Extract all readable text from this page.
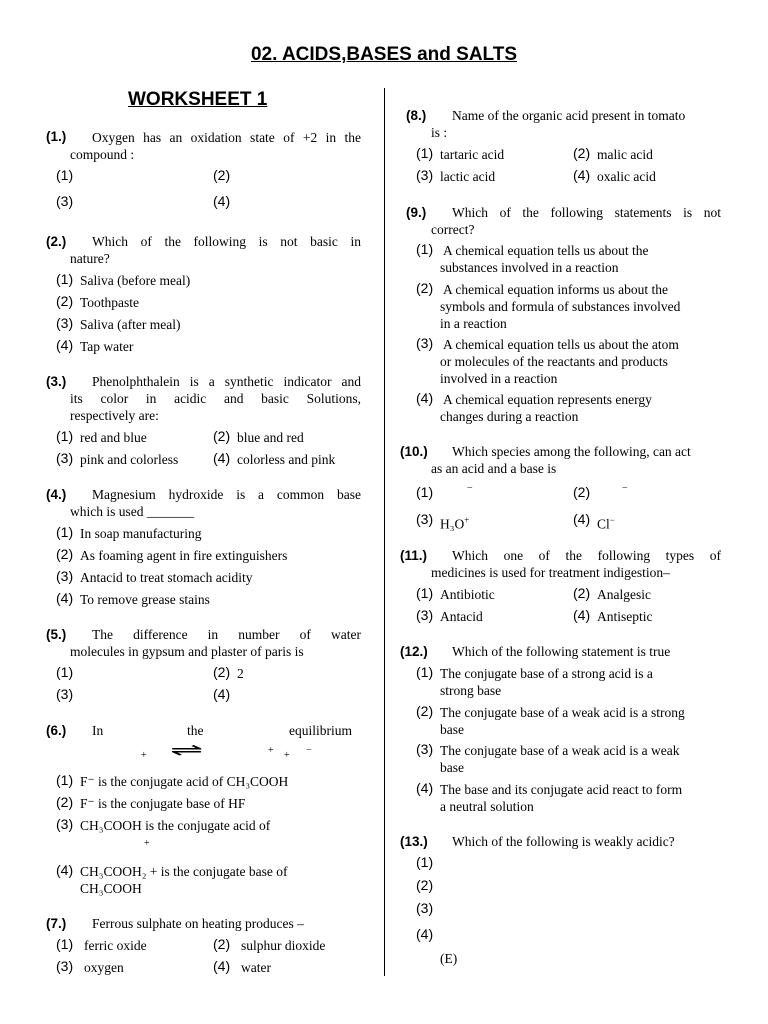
02. ACIDS,BASES and SALTS
WORKSHEET 1
(1.) Oxygen has an oxidation state of +2 in the
compound :
(1)	(2)
(3)	(4)
(2.) Which of the following is not basic in
nature?
(1) Saliva (before meal)
(2) Toothpaste
(3) Saliva (after meal)
(4) Tap water
(3.) Phenolphthalein is a synthetic indicator and
its color in acidic and basic Solutions,
respectively are:
(1) red and blue	(2) blue and red
(3) pink and colorless (4) colorless and pink
(4.) Magnesium hydroxide is a common base
which is used _______
(1) In soap manufacturing
(2) As foaming agent in fire extinguishers
(3) Antacid to treat stomach acidity
(4) To remove grease stains
(5.) The difference in number of water
molecules in gypsum and plaster of paris is
(1)	(2) 2
(3)	(4)
(6.) In	the	equilibrium
+ ⇌	+ + −
(1) F⁻ is the conjugate acid of CH₃COOH
(2) F⁻ is the conjugate base of HF
(3) CH₃COOH is the conjugate acid of
+
(4) CH₃COOH₂ + is the conjugate base of
CH₃COOH
(7.) Ferrous sulphate on heating produces –
(1) ferric oxide	(2) sulphur dioxide
(3) oxygen	(4) water
(8.) Name of the organic acid present in tomato
is :
(1) tartaric acid	(2) malic acid
(3) lactic acid	(4) oxalic acid
(9.) Which of the following statements is not
correct?
(1) A chemical equation tells us about the
substances involved in a reaction
(2) A chemical equation informs us about the
symbols and formula of substances involved
in a reaction
(3) A chemical equation tells us about the atom
or molecules of the reactants and products
involved in a reaction
(4) A chemical equation represents energy
changes during a reaction
(10.) Which species among the following, can act
as an acid and a base is
(1)	−	(2)	−
(3) H₃O+	(4) Cl−
(11.) Which one of the following types of
medicines is used for treatment indigestion–
(1) Antibiotic	(2) Analgesic
(3) Antacid	(4) Antiseptic
(12.) Which of the following statement is true
(1) The conjugate base of a strong acid is a
strong base
(2) The conjugate base of a weak acid is a strong
base
(3) The conjugate base of a weak acid is a weak
base
(4) The base and its conjugate acid react to form
a neutral solution
(13.) Which of the following is weakly acidic?
(1)
(2)
(3)
(4)
(E)
